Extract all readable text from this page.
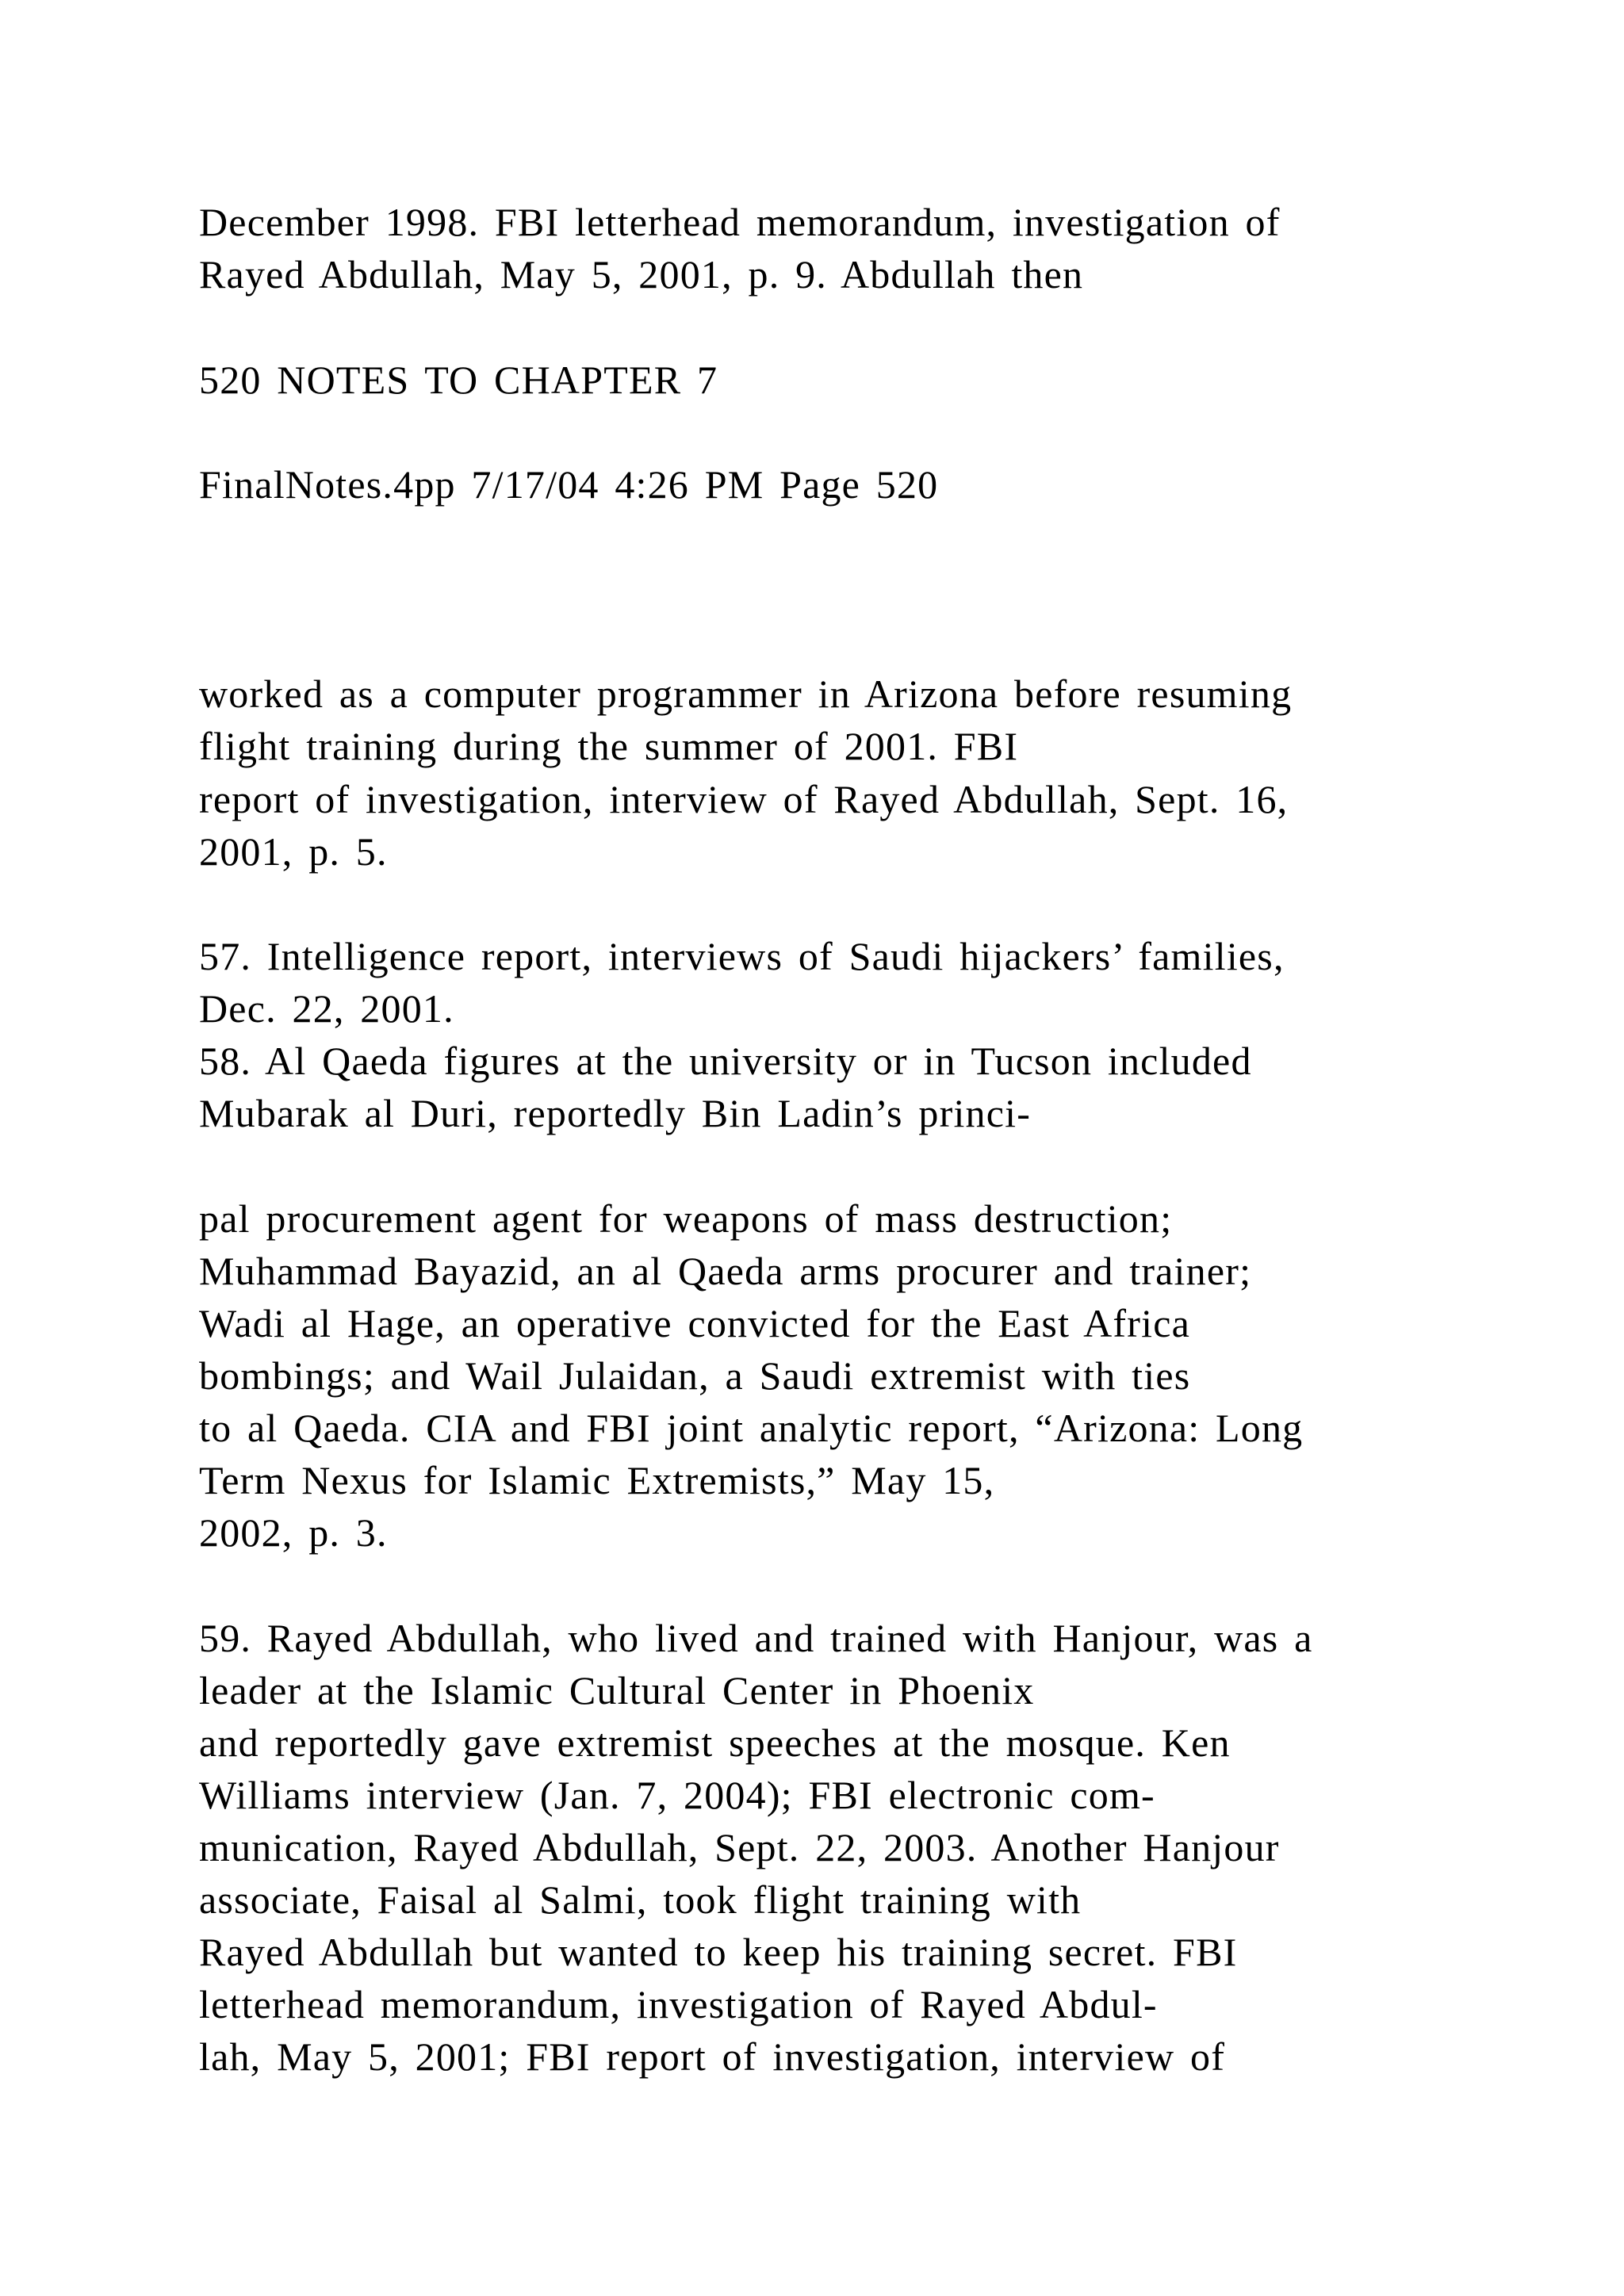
December 1998. FBI letterhead memorandum, investigation of

Rayed Abdullah, May 5, 2001, p. 9. Abdullah then

520 NOTES TO CHAPTER 7

FinalNotes.4pp 7/17/04 4:26 PM Page 520

worked as a computer programmer in Arizona before resuming

flight training during the summer of 2001. FBI

report of investigation, interview of Rayed Abdullah, Sept. 16,

2001, p. 5.

57. Intelligence report, interviews of Saudi hijackers’ families,

Dec. 22, 2001.

58. Al Qaeda figures at the university or in Tucson included

Mubarak al Duri, reportedly Bin Ladin’s princi-

pal procurement agent for weapons of mass destruction;

Muhammad Bayazid, an al Qaeda arms procurer and trainer;

Wadi al Hage, an operative convicted for the East Africa

bombings; and Wail Julaidan, a Saudi extremist with ties

to al Qaeda. CIA and FBI joint analytic report, “Arizona: Long

Term Nexus for Islamic Extremists,” May 15,

2002, p. 3.

59. Rayed Abdullah, who lived and trained with Hanjour, was a

leader at the Islamic Cultural Center in Phoenix

and reportedly gave extremist speeches at the mosque. Ken

Williams interview (Jan. 7, 2004); FBI electronic com-

munication, Rayed Abdullah, Sept. 22, 2003. Another Hanjour

associate, Faisal al Salmi, took flight training with

Rayed Abdullah but wanted to keep his training secret. FBI

letterhead memorandum, investigation of Rayed Abdul-

lah, May 5, 2001; FBI report of investigation, interview of
